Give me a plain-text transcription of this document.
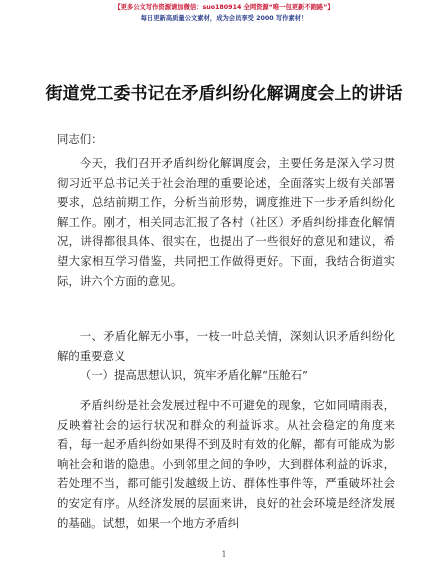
【更多公文写作资源请加微信：suo180914 全网资源“唯一包更新不跑路”】
每日更新高质量公文素材，成为会员享受 2000 写作素材！
街道党工委书记在矛盾纠纷化解调度会上的讲话
同志们：
今天，我们召开矛盾纠纷化解调度会，主要任务是深入学习贯彻习近平总书记关于社会治理的重要论述，全面落实上级有关部署要求，总结前期工作，分析当前形势，调度推进下一步矛盾纠纷化解工作。刚才，相关同志汇报了各村（社区）矛盾纠纷排查化解情况，讲得都很具体、很实在，也提出了一些很好的意见和建议，希望大家相互学习借鉴，共同把工作做得更好。下面，我结合街道实际，讲六个方面的意见。
一、矛盾化解无小事，一枝一叶总关情，深刻认识矛盾纠纷化解的重要意义
（一）提高思想认识，筑牢矛盾化解“压舱石”
矛盾纠纷是社会发展过程中不可避免的现象，它如同晴雨表，反映着社会的运行状况和群众的利益诉求。从社会稳定的角度来看，每一起矛盾纠纷如果得不到及时有效的化解，都有可能成为影响社会和谐的隐患。小到邻里之间的争吵，大到群体利益的诉求，若处理不当，都可能引发越级上访、群体性事件等，严重破坏社会的安定有序。从经济发展的层面来讲，良好的社会环境是经济发展的基础。试想，如果一个地方矛盾纠
1
